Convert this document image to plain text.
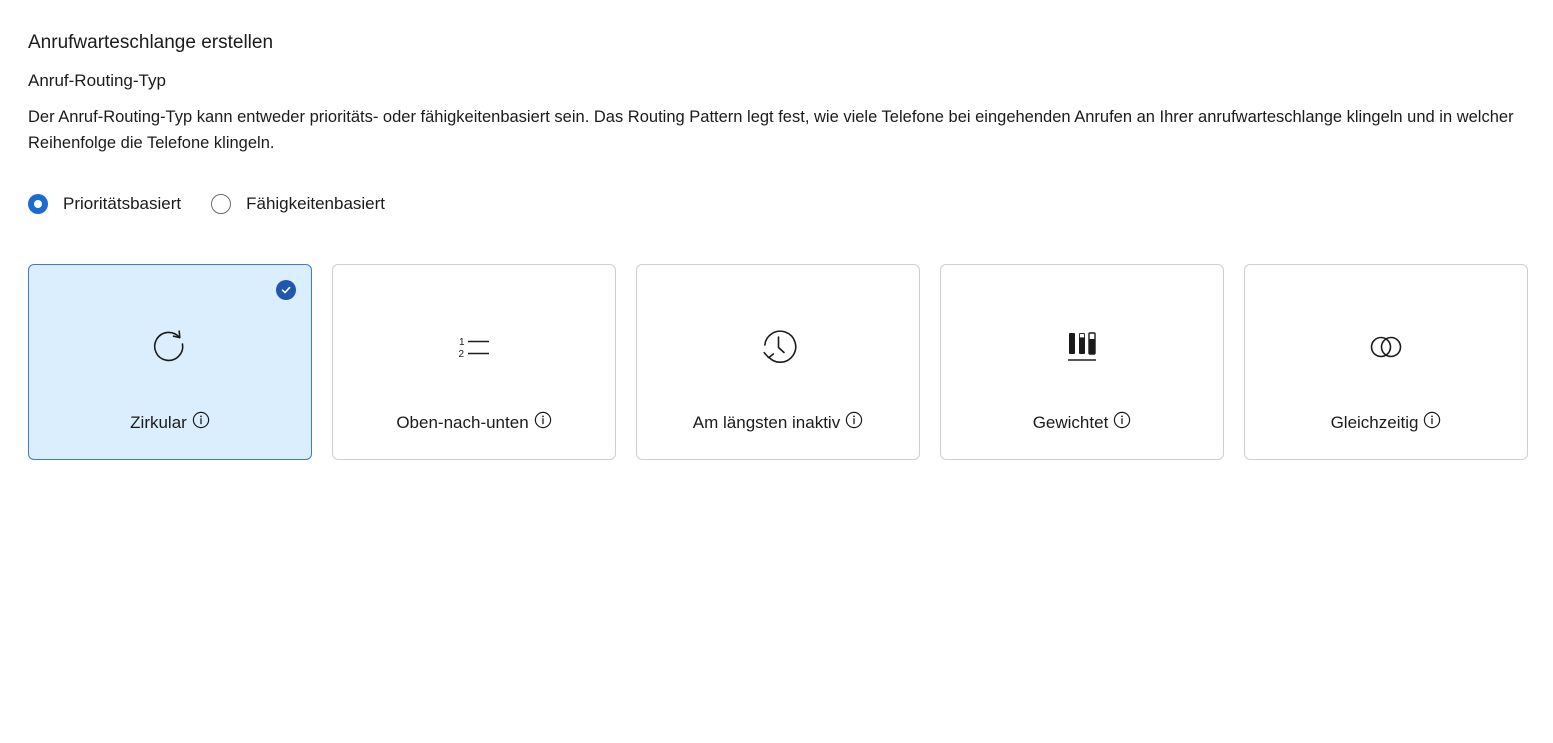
Anrufwarteschlange erstellen
Anruf-Routing-Typ
Der Anruf-Routing-Typ kann entweder prioritäts- oder fähigkeitenbasiert sein. Das Routing Pattern legt fest, wie viele Telefone bei eingehenden Anrufen an Ihrer anrufwarteschlange klingeln und in welcher Reihenfolge die Telefone klingeln.
Prioritätsbasiert	Fähigkeitenbasiert
Zirkular
1
2
Oben-nach-unten	Am längsten inaktiv	Gewichtet	Gleichzeitig
